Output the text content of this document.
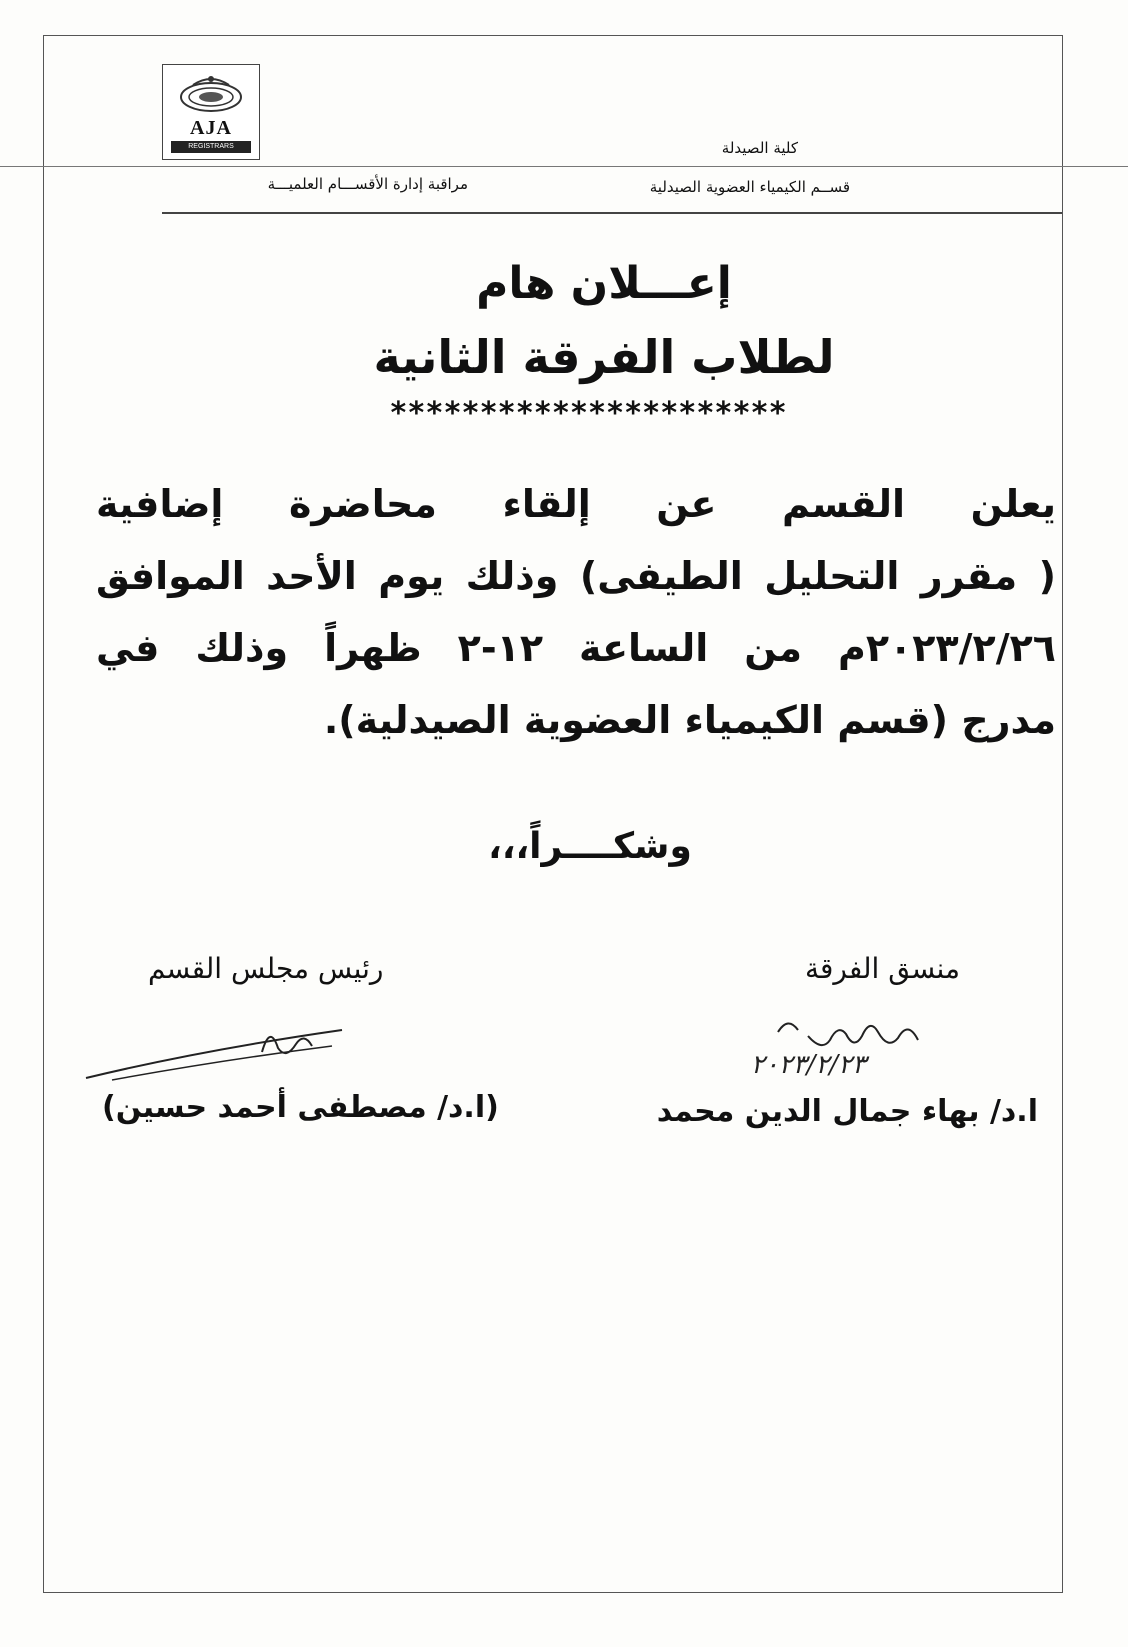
AJA
REGISTRARS	كلية الصيدلة
قســم الكيمياء العضوية الصيدلية
مراقبة إدارة الأقســـام العلميـــة
إعـــلان هام
لطلاب الفرقة الثانية
**********************
يعلن القسم عن إلقاء محاضرة إضافية
( مقرر التحليل الطيفى) وذلك يوم الأحد الموافق
٢٠٢٣/٢/٢٦م من الساعة ١٢-٢ ظهراً وذلك في
مدرج (قسم الكيمياء العضوية الصيدلية).
وشكــــراً،،،
منسق الفرقة
رئيس مجلس القسم
٢٠٢٣/٢/٢٣
ا.د/ بهاء جمال الدين محمد
(ا.د/ مصطفى أحمد حسين)
